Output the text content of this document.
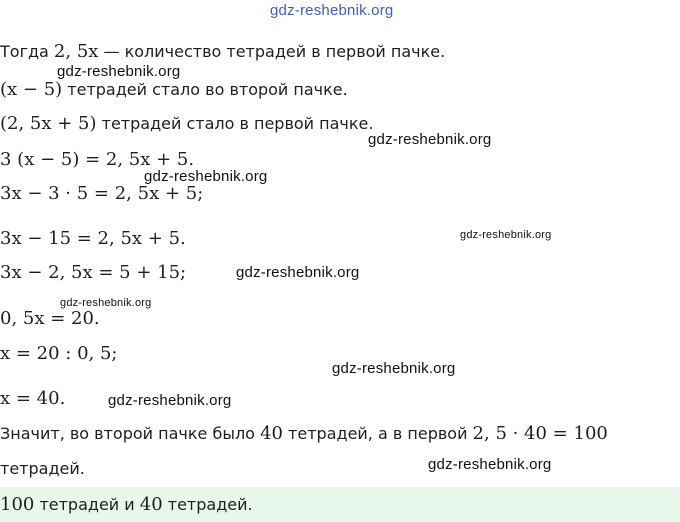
gdz-reshebnik.org
Тогда 2, 5x — количество тетрадей в первой пачке.
gdz-reshebnik.org
(x − 5) тетрадей стало во второй пачке.
(2, 5x + 5) тетрадей стало в первой пачке.
gdz-reshebnik.org
3 (x − 5) = 2, 5x + 5.
gdz-reshebnik.org
3x − 3 · 5 = 2, 5x + 5;
3x − 15 = 2, 5x + 5.	gdz-reshebnik.org
3x − 2, 5x = 5 + 15;	gdz-reshebnik.org
gdz-reshebnik.org
0, 5x = 20.
x = 20 : 0, 5;
gdz-reshebnik.org
x = 40.	gdz-reshebnik.org
Значит, во второй пачке было 40 тетрадей, а в первой 2, 5 · 40 = 100
gdz-reshebnik.org
тетрадей.
100 тетрадей и 40 тетрадей.
